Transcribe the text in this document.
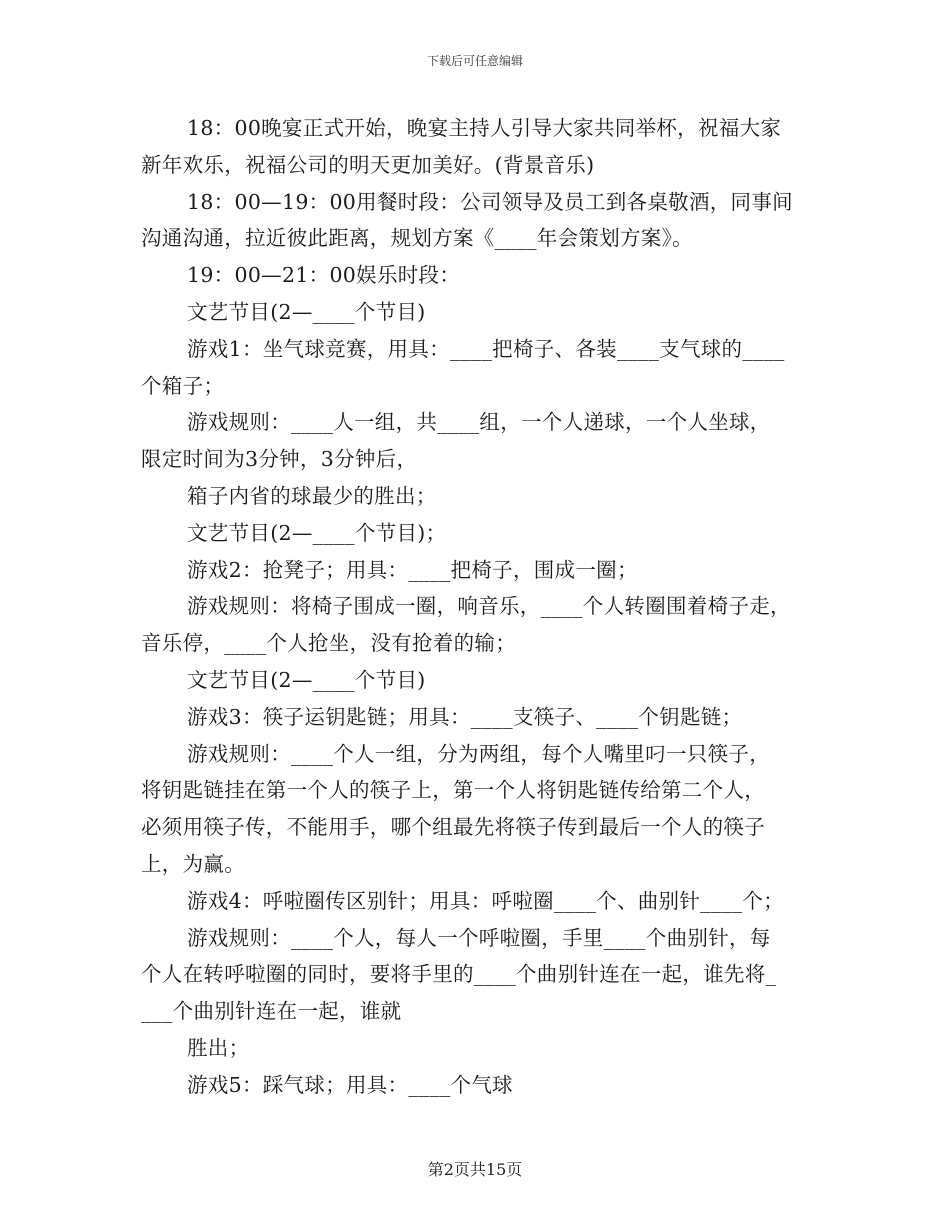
下载后可任意编辑
18：00晚宴正式开始，晚宴主持人引导大家共同举杯，祝福大家
新年欢乐，祝福公司的明天更加美好。(背景音乐)
18：00—19：00用餐时段：公司领导及员工到各桌敬酒，同事间
沟通沟通，拉近彼此距离，规划方案《____年会策划方案》。
19：00—21：00娱乐时段：
文艺节目(2—____个节目)
游戏1：坐气球竞赛，用具：____把椅子、各装____支气球的____
个箱子；
游戏规则：____人一组，共____组，一个人递球，一个人坐球，
限定时间为3分钟，3分钟后，
箱子内省的球最少的胜出；
文艺节目(2—____个节目)；
游戏2：抢凳子；用具：____把椅子，围成一圈；
游戏规则：将椅子围成一圈，响音乐，____个人转圈围着椅子走，
音乐停，____个人抢坐，没有抢着的输；
文艺节目(2—____个节目)
游戏3：筷子运钥匙链；用具：____支筷子、____个钥匙链；
游戏规则：____个人一组，分为两组，每个人嘴里叼一只筷子，
将钥匙链挂在第一个人的筷子上，第一个人将钥匙链传给第二个人，
必须用筷子传，不能用手，哪个组最先将筷子传到最后一个人的筷子
上，为赢。
游戏4：呼啦圈传区别针；用具：呼啦圈____个、曲别针____个；
游戏规则：____个人，每人一个呼啦圈，手里____个曲别针，每
个人在转呼啦圈的同时，要将手里的____个曲别针连在一起，谁先将_
___个曲别针连在一起，谁就
胜出；
游戏5：踩气球；用具：____个气球
第2页共15页
